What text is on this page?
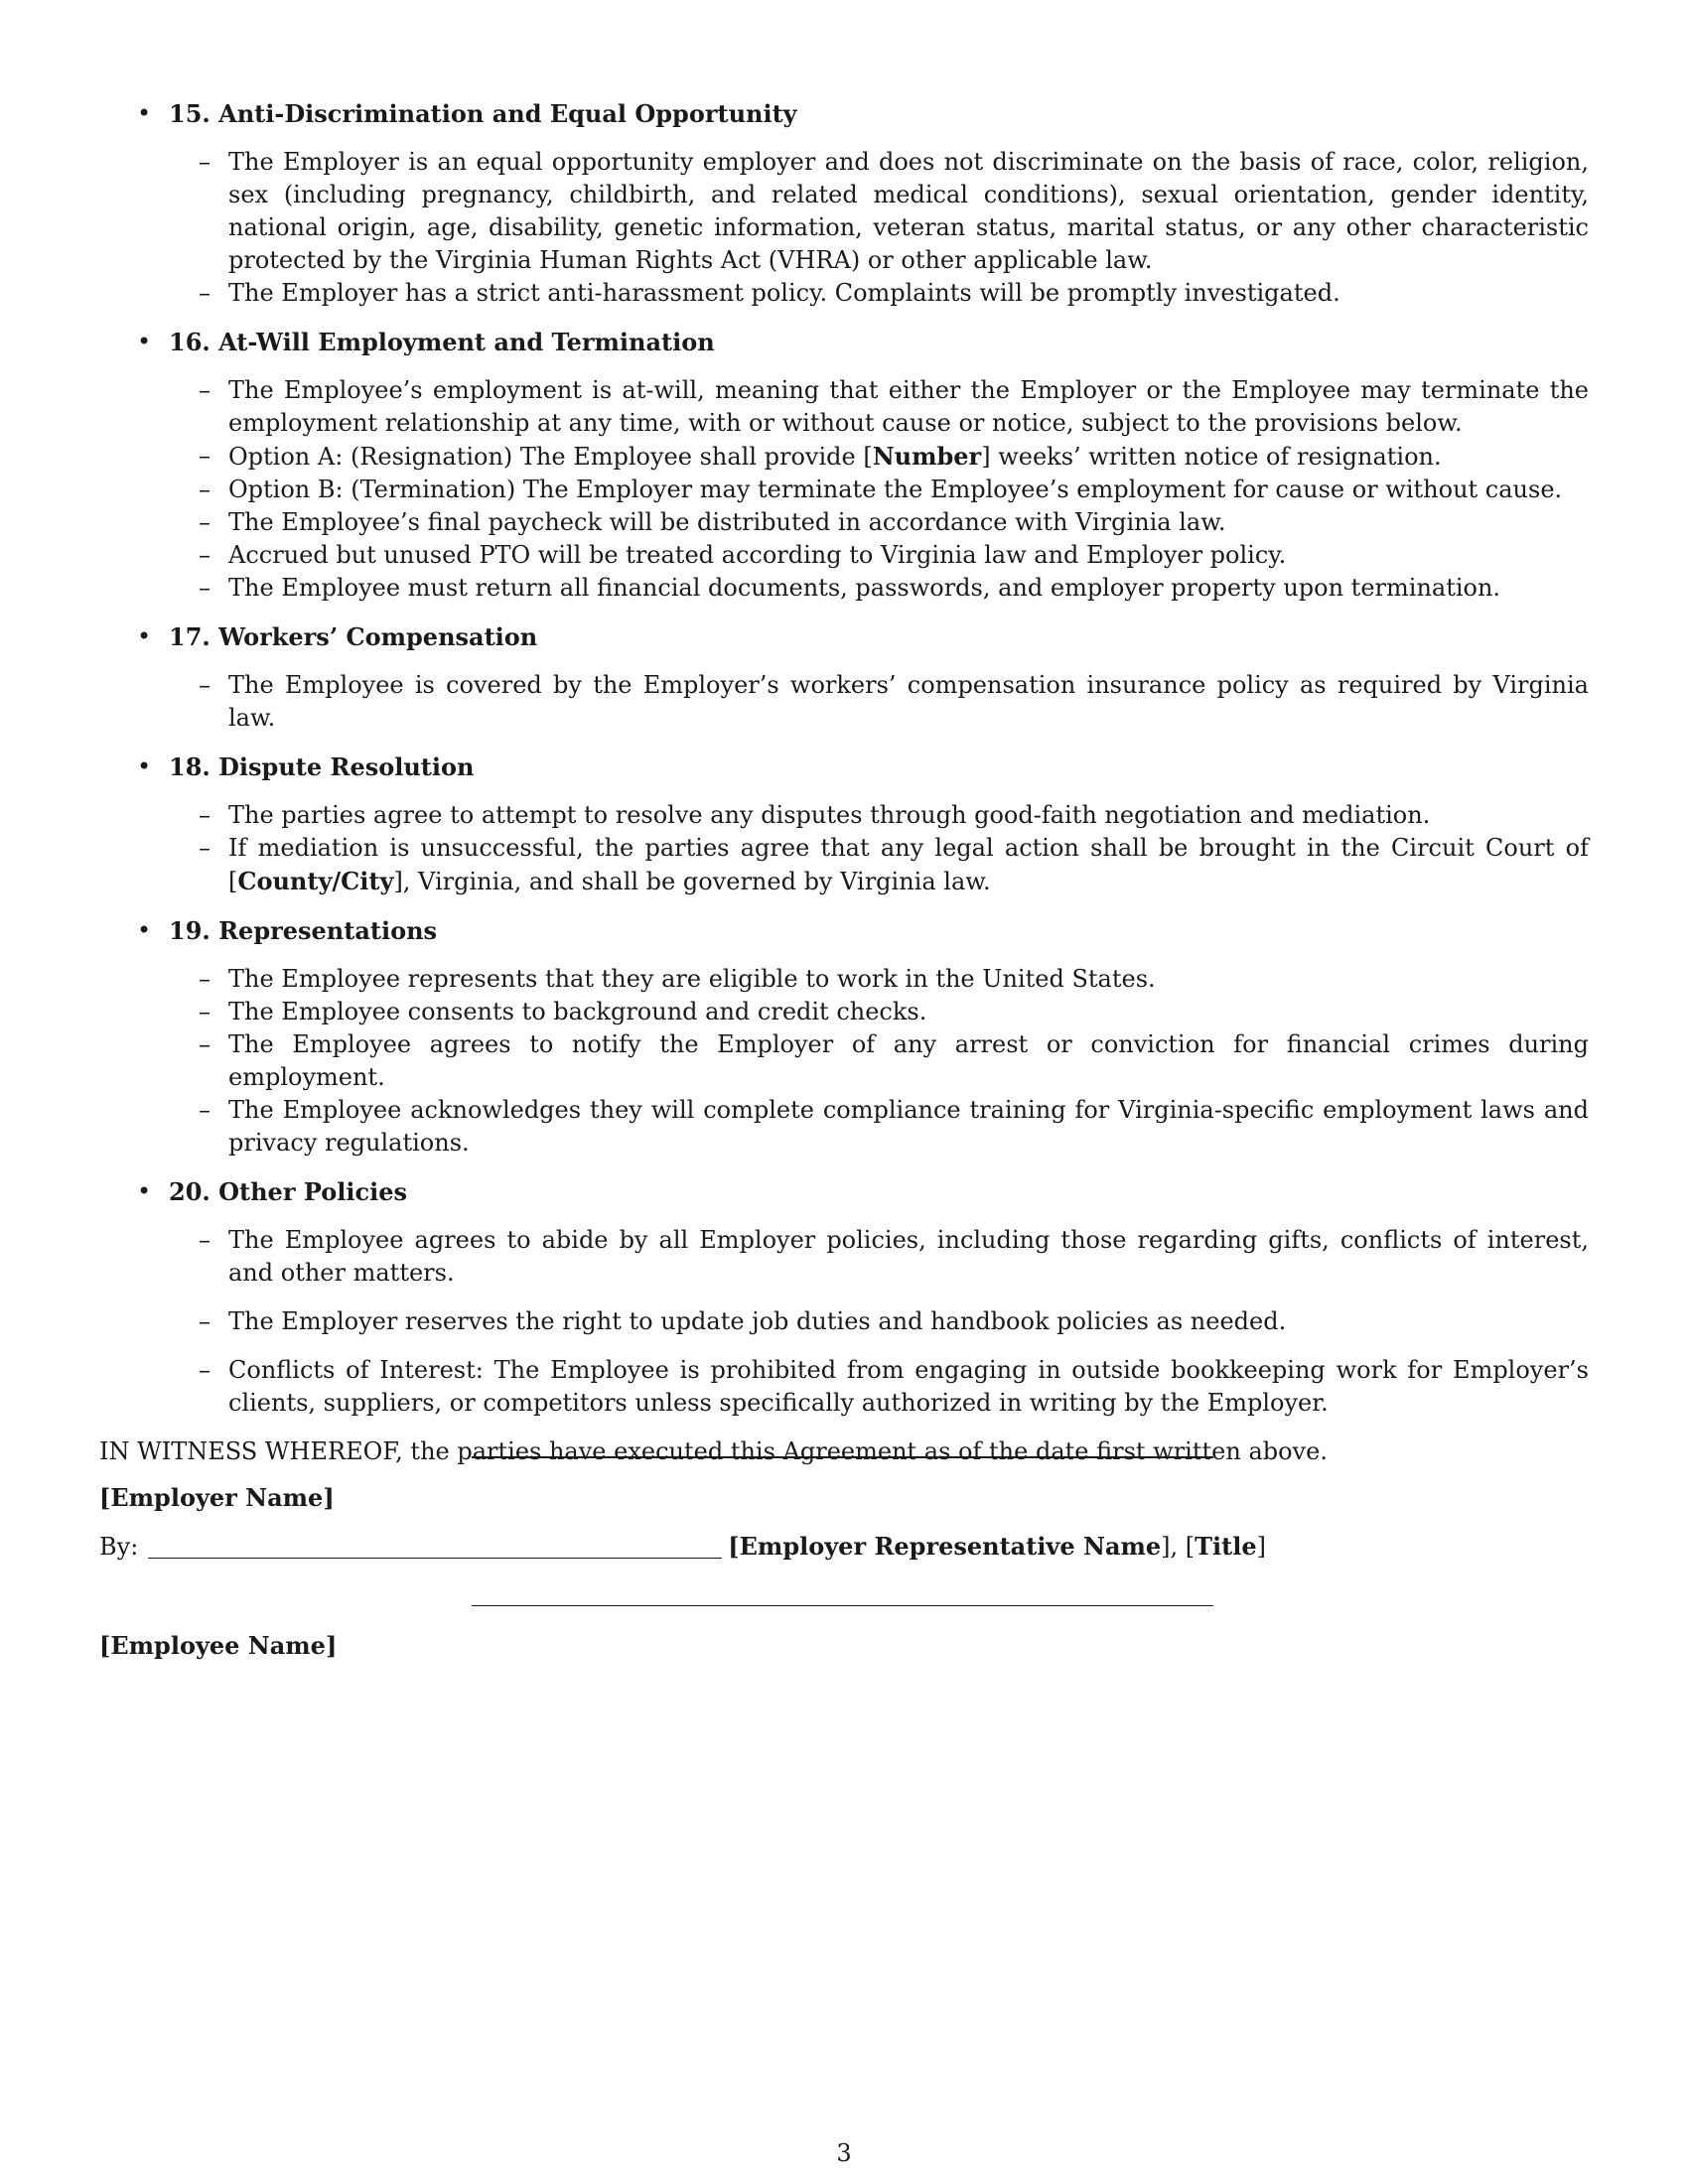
• 15. Anti-Discrimination and Equal Opportunity
– The Employer is an equal opportunity employer and does not discriminate on the basis of race, color, religion, sex (including pregnancy, childbirth, and related medical conditions), sexual orientation, gender identity, national origin, age, disability, genetic information, veteran status, marital status, or any other characteristic protected by the Virginia Human Rights Act (VHRA) or other applicable law.
– The Employer has a strict anti-harassment policy. Complaints will be promptly investigated.
• 16. At-Will Employment and Termination
– The Employee’s employment is at-will, meaning that either the Employer or the Employee may terminate the employment relationship at any time, with or without cause or notice, subject to the provisions below.
– Option A: (Resignation) The Employee shall provide [Number] weeks’ written notice of resignation.
– Option B: (Termination) The Employer may terminate the Employee’s employment for cause or without cause.
– The Employee’s final paycheck will be distributed in accordance with Virginia law.
– Accrued but unused PTO will be treated according to Virginia law and Employer policy.
– The Employee must return all financial documents, passwords, and employer property upon termination.
• 17. Workers’ Compensation
– The Employee is covered by the Employer’s workers’ compensation insurance policy as required by Virginia law.
• 18. Dispute Resolution
– The parties agree to attempt to resolve any disputes through good-faith negotiation and mediation.
– If mediation is unsuccessful, the parties agree that any legal action shall be brought in the Circuit Court of [County/City], Virginia, and shall be governed by Virginia law.
• 19. Representations
– The Employee represents that they are eligible to work in the United States.
– The Employee consents to background and credit checks.
– The Employee agrees to notify the Employer of any arrest or conviction for financial crimes during employment.
– The Employee acknowledges they will complete compliance training for Virginia-specific employment laws and privacy regulations.
• 20. Other Policies
– The Employee agrees to abide by all Employer policies, including those regarding gifts, conflicts of interest, and other matters.
– The Employer reserves the right to update job duties and handbook policies as needed.
– Conflicts of Interest: The Employee is prohibited from engaging in outside bookkeeping work for Employer’s clients, suppliers, or competitors unless specifically authorized in writing by the Employer.
IN WITNESS WHEREOF, the parties have executed this Agreement as of the date first written above.
[Employer Name]
By:	[Employer Representative Name], [Title]
[Employee Name]
3
